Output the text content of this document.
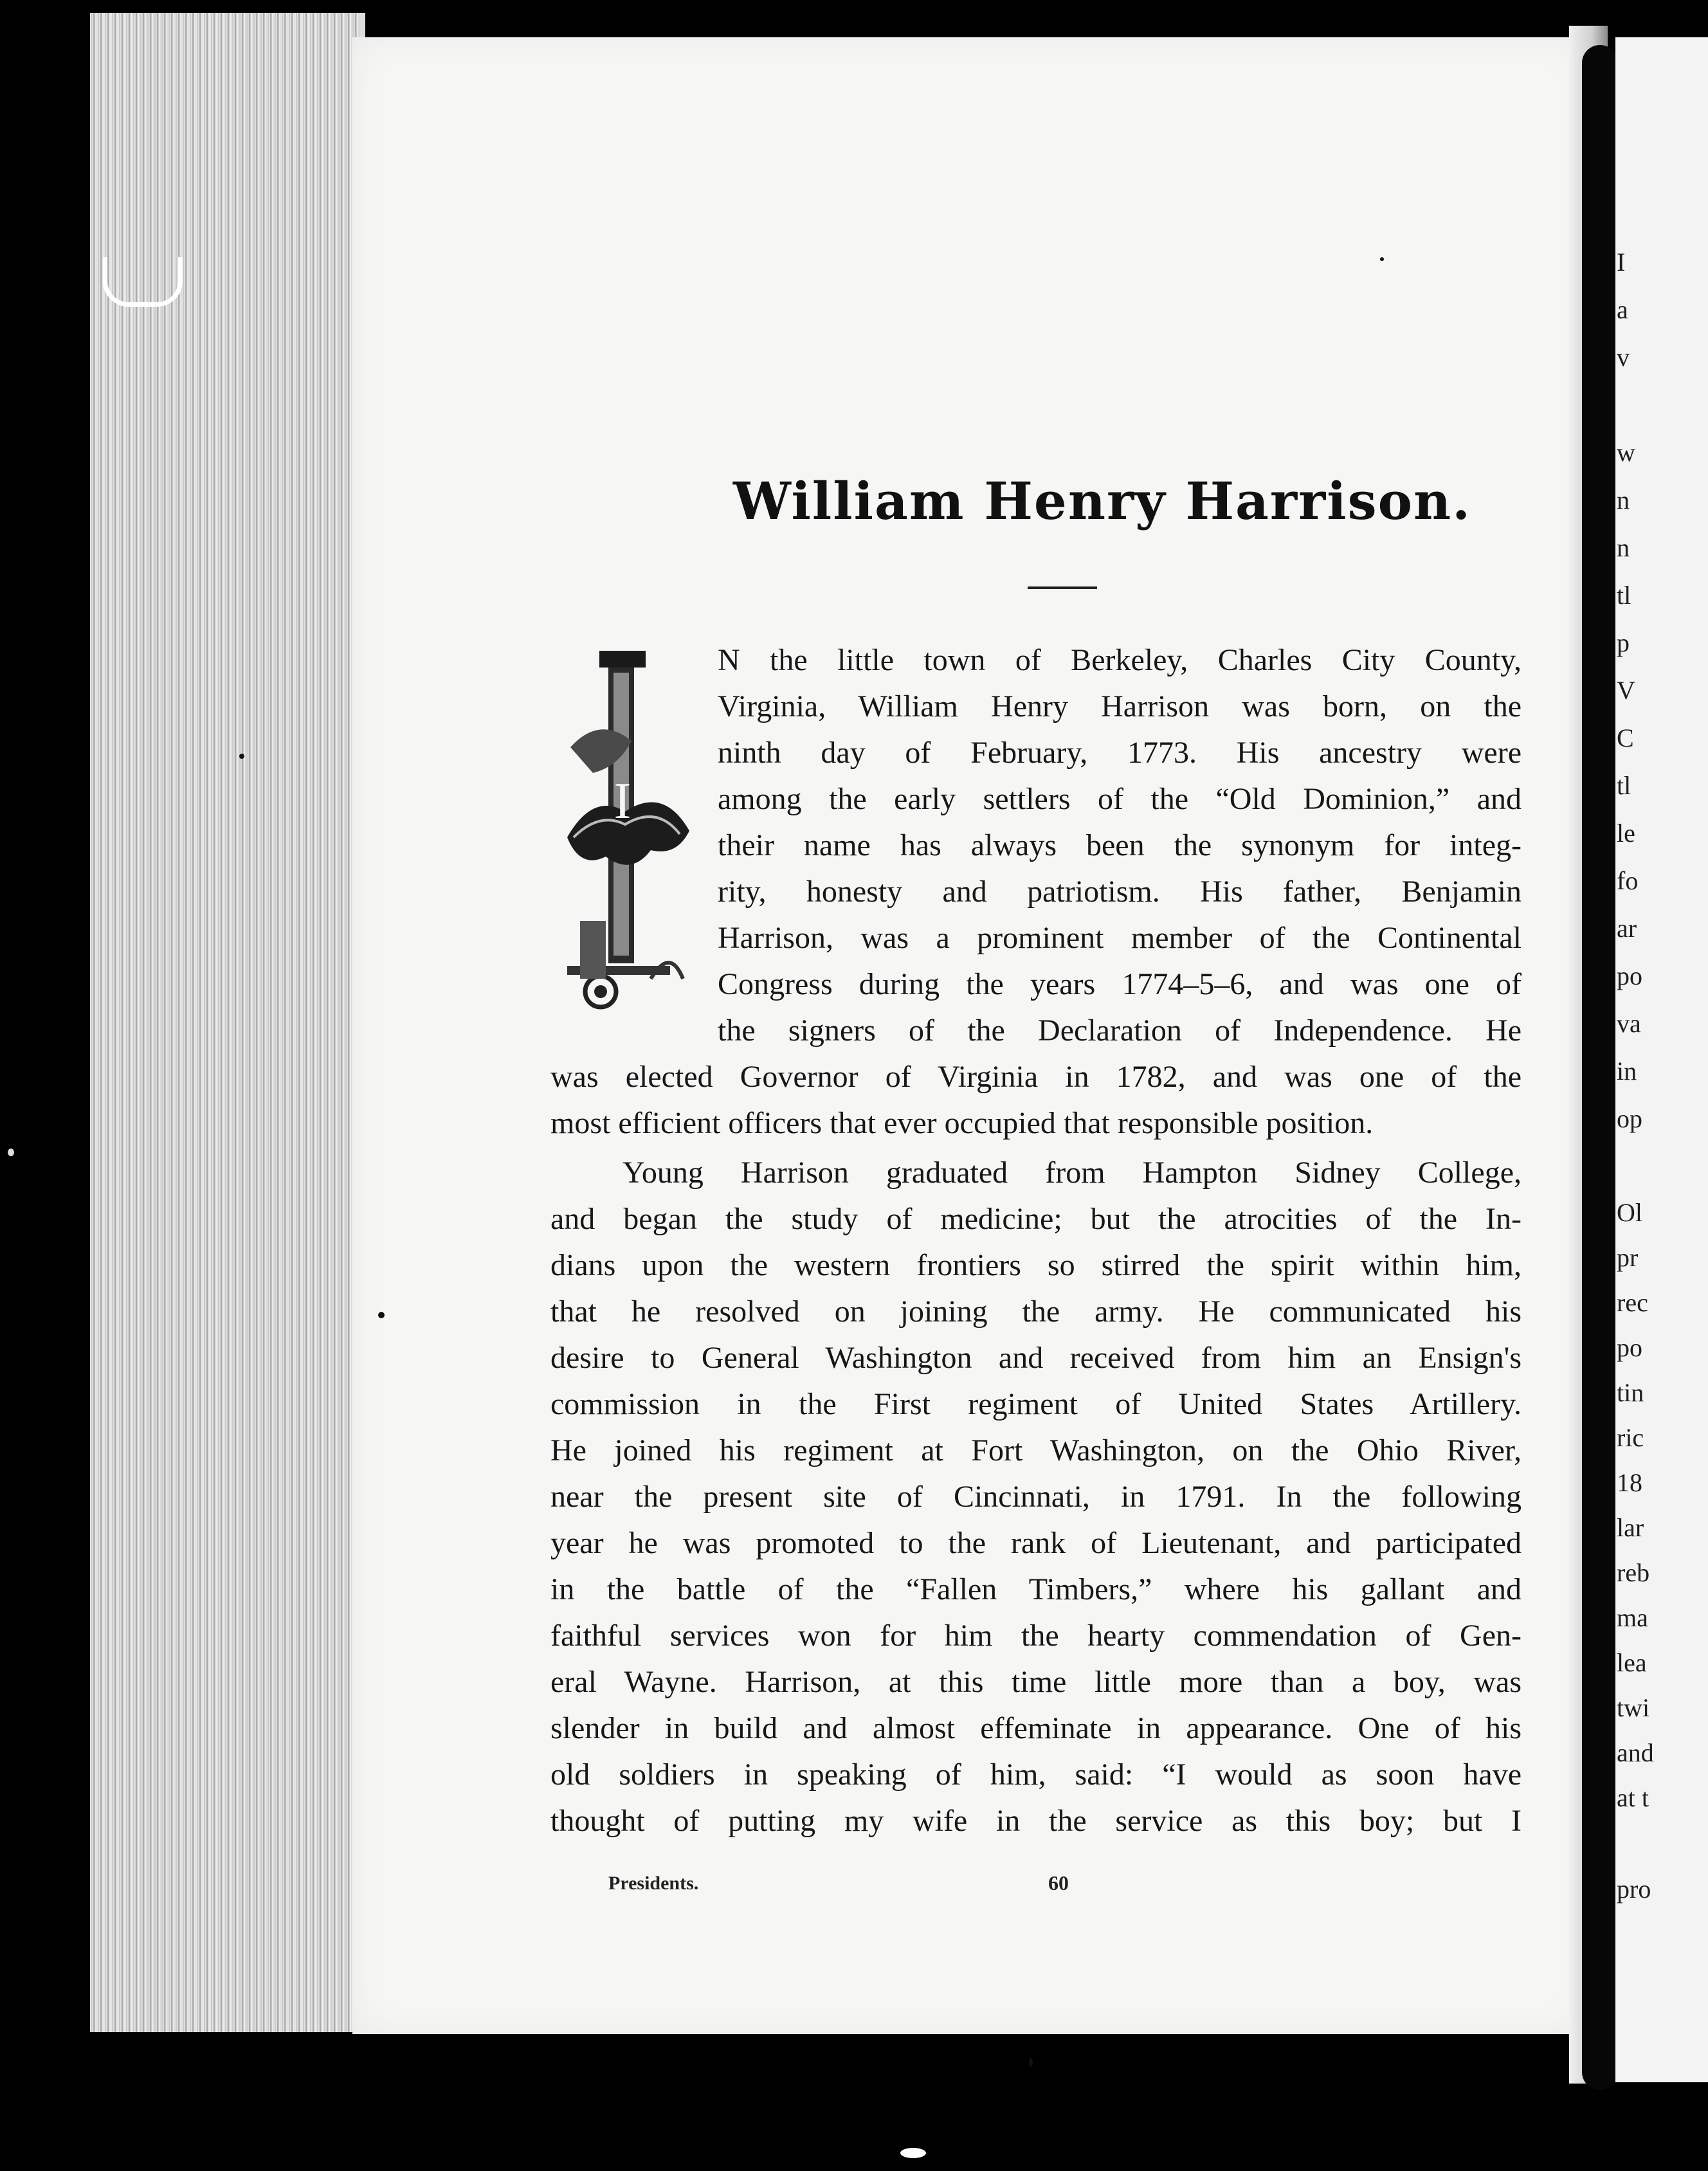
I
a
v
w
n
n
tl
p
V
C
tl
le
fo
ar
po
va
in
op
Ol
pr
rec
po
tin
ric
18
lar
reb
ma
lea
twi
and
at t
pro
William Henry Harrison.
I
N the little town of Berkeley, Charles City County,
Virginia, William Henry Harrison was born, on the
ninth day of February, 1773. His ancestry were
among the early settlers of the “Old Dominion,” and
their name has always been the synonym for integ-
rity, honesty and patriotism. His father, Benjamin
Harrison, was a prominent member of the Continental
Congress during the years 1774–5–6, and was one of
the signers of the Declaration of Independence. He
was elected Governor of Virginia in 1782, and was one of the
most efficient officers that ever occupied that responsible position.
Young Harrison graduated from Hampton Sidney College,
and began the study of medicine; but the atrocities of the In-
dians upon the western frontiers so stirred the spirit within him,
that he resolved on joining the army. He communicated his
desire to General Washington and received from him an Ensign's
commission in the First regiment of United States Artillery.
He joined his regiment at Fort Washington, on the Ohio River,
near the present site of Cincinnati, in 1791. In the following
year he was promoted to the rank of Lieutenant, and participated
in the battle of the “Fallen Timbers,” where his gallant and
faithful services won for him the hearty commendation of Gen-
eral Wayne. Harrison, at this time little more than a boy, was
slender in build and almost effeminate in appearance. One of his
old soldiers in speaking of him, said: “I would as soon have
thought of putting my wife in the service as this boy; but I
Presidents.	60
